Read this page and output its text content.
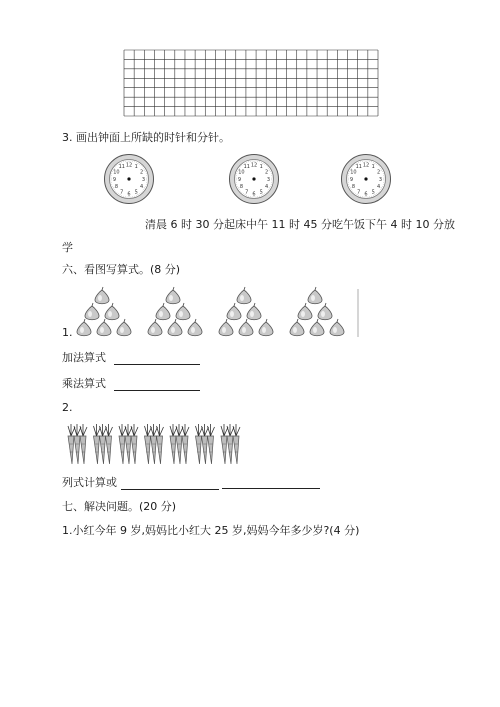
3. 画出钟面上所缺的时针和分针。
12 1
2
3
4
5
6
7
8
9
10
11	12 1
2
3
4
5
6
7
8
9
10
11	12 1
2
3
4
5
6
7
8
9
10
11
清晨 6 时 30 分起床中午 11 时 45 分吃午饭下午 4 时 10 分放
学
六、看图写算式。(8 分)
1.
加法算式
乘法算式
2.
列式计算或
七、解决问题。(20 分)
1.小红今年 9 岁,妈妈比小红大 25 岁,妈妈今年多少岁?(4 分)
